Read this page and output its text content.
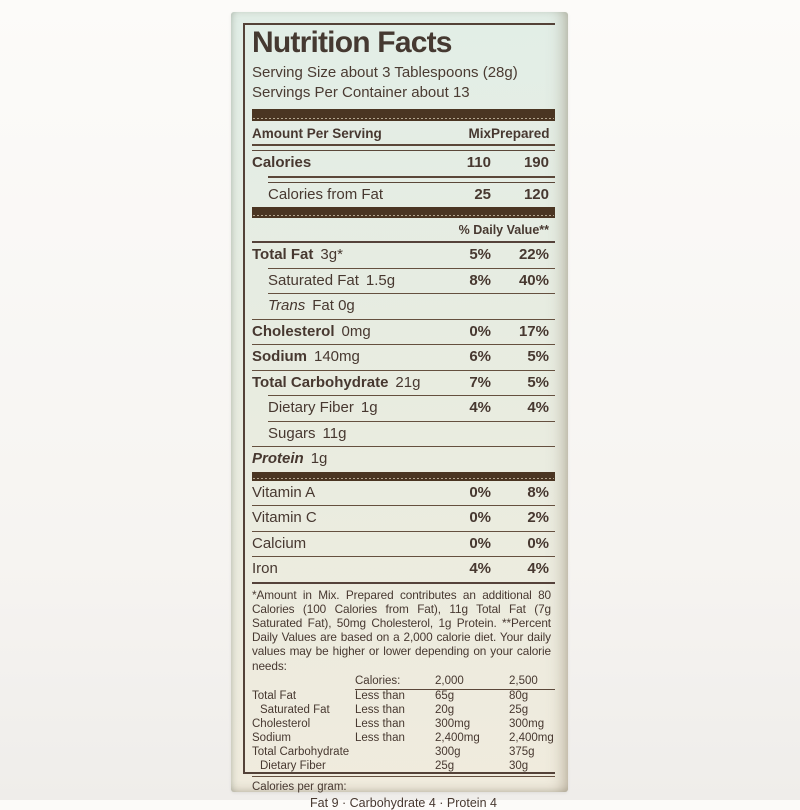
Nutrition Facts
Serving Size about 3 Tablespoons (28g)
Servings Per Container about 13
Amount Per Serving	Mix Prepared
Calories	110	190
Calories from Fat	25	120
% Daily Value**
Total Fat 3g*	5%	22%
Saturated Fat 1.5g	8%	40%
Trans Fat 0g
Cholesterol 0mg	0%	17%
Sodium 140mg	6%	5%
Total Carbohydrate 21g	7%	5%
Dietary Fiber 1g	4%	4%
Sugars 11g
Protein 1g
Vitamin A	0%	8%
Vitamin C	0%	2%
Calcium	0%	0%
Iron	4%	4%
*Amount in Mix. Prepared contributes an additional 80 Calories (100 Calories from Fat), 11g Total Fat (7g Saturated Fat), 50mg Cholesterol, 1g Protein. **Percent Daily Values are based on a 2,000 calorie diet. Your daily values may be higher or lower depending on your calorie needs:
	Calories:	2,000	2,500
Total Fat	Less than	65g	80g
Saturated Fat	Less than	20g	25g
Cholesterol	Less than	300mg	300mg
Sodium	Less than	2,400mg	2,400mg
Total Carbohydrate		300g	375g
Dietary Fiber		25g	30g
Calories per gram:
Fat 9 · Carbohydrate 4 · Protein 4
